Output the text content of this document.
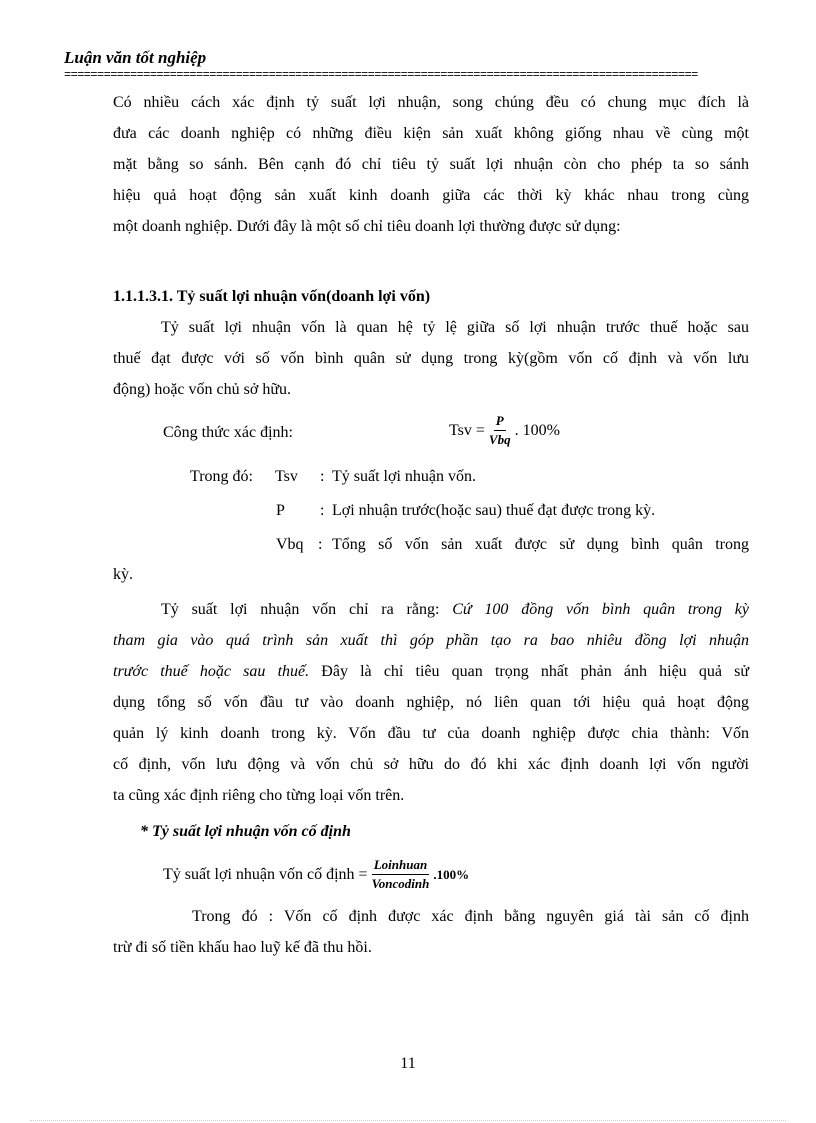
Luận văn tốt nghiệp
================================================================================================
Có nhiều cách xác định tỷ suất lợi nhuận, song chúng đều có chung mục đích là
đưa các doanh nghiệp có những điều kiện sản xuất không giống nhau về cùng một
mặt bằng so sánh. Bên cạnh đó chỉ tiêu tỷ suất lợi nhuận còn cho phép ta so sánh
hiệu quả hoạt động sản xuất kinh doanh giữa các thời kỳ khác nhau trong cùng
một doanh nghiệp. Dưới đây là một số chỉ tiêu doanh lợi thường được sử dụng:
1.1.1.3.1. Tỷ suất lợi nhuận vốn(doanh lợi vốn)
Tỷ suất lợi nhuận vốn là quan hệ tỷ lệ giữa số lợi nhuận trước thuế hoặc sau
thuế đạt được với số vốn bình quân sử dụng trong kỳ(gồm vốn cố định và vốn lưu
động) hoặc vốn chủ sở hữu.
Công thức xác định:	Tsv = $\frac{P}{\text{Vbq}}$ . 100%
Trong đó: Tsv : Tỷ suất lợi nhuận vốn.
P : Lợi nhuận trước(hoặc sau) thuế đạt được trong kỳ.
Vbq : Tổng số vốn sản xuất được sử dụng bình quân trong
kỳ.
Tỷ suất lợi nhuận vốn chỉ ra rằng: Cứ 100 đồng vốn bình quân trong kỳ
tham gia vào quá trình sản xuất thì góp phần tạo ra bao nhiêu đồng lợi nhuận
trước thuế hoặc sau thuế. Đây là chỉ tiêu quan trọng nhất phản ánh hiệu quả sử
dụng tổng số vốn đầu tư vào doanh nghiệp, nó liên quan tới hiệu quả hoạt động
quản lý kinh doanh trong kỳ. Vốn đầu tư của doanh nghiệp được chia thành: Vốn
cố định, vốn lưu động và vốn chủ sở hữu do đó khi xác định doanh lợi vốn người
ta cũng xác định riêng cho từng loại vốn trên.
* Tỷ suất lợi nhuận vốn cố định
Tỷ suất lợi nhuận vốn cố định = $\frac{\text{Loinhuan}}{\text{Voncodinh}} .100\%$
Trong đó : Vốn cố định được xác định bằng nguyên giá tài sản cố định
trừ đi số tiền khấu hao luỹ kế đã thu hồi.
11
